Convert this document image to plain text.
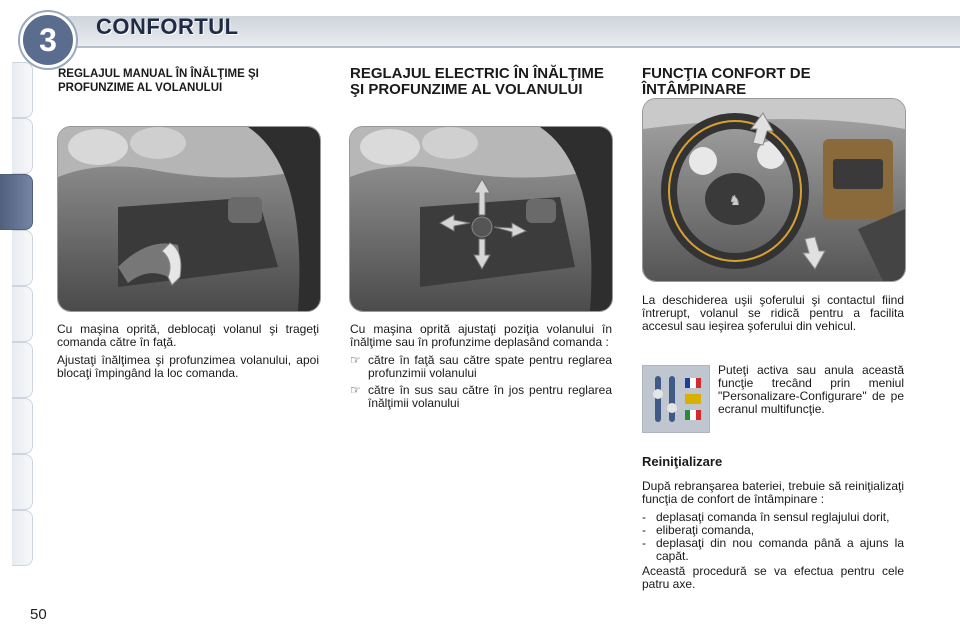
3	CONFORTUL
REGLAJUL MANUAL ÎN ÎNĂLŢIME ŞI PROFUNZIME AL VOLANULUI

Cu maşina oprită, deblocaţi volanul şi trageţi comanda către în faţă.

Ajustaţi înălţimea şi profunzimea volanului, apoi blocaţi împingând la loc comanda.

REGLAJUL ELECTRIC ÎN ÎNĂLŢIME ŞI PROFUNZIME AL VOLANULUI

Cu maşina oprită ajustaţi poziţia volanului în înălţime sau în profunzime deplasând comanda :

☞ către în faţă sau către spate pentru reglarea profunzimii volanului
☞ către în sus sau către în jos pentru reglarea înălţimii volanului
FUNCŢIA CONFORT DE ÎNTÂMPINARE
♞
La deschiderea uşii şoferului şi contactul fiind întrerupt, volanul se ridică pentru a facilita accesul sau ieşirea şoferului din vehicul.
Puteţi activa sau anula această funcţie trecând prin meniul "Personalizare-Configurare" de pe ecranul multifuncţie.
Reiniţializare

După rebranşarea bateriei, trebuie să reiniţializaţi funcţia de confort de întâmpinare :

- deplasaţi comanda în sensul reglajului dorit,
- eliberaţi comanda,
- deplasaţi din nou comanda până a ajuns la capăt.

Această procedură se va efectua pentru cele patru axe.

50
